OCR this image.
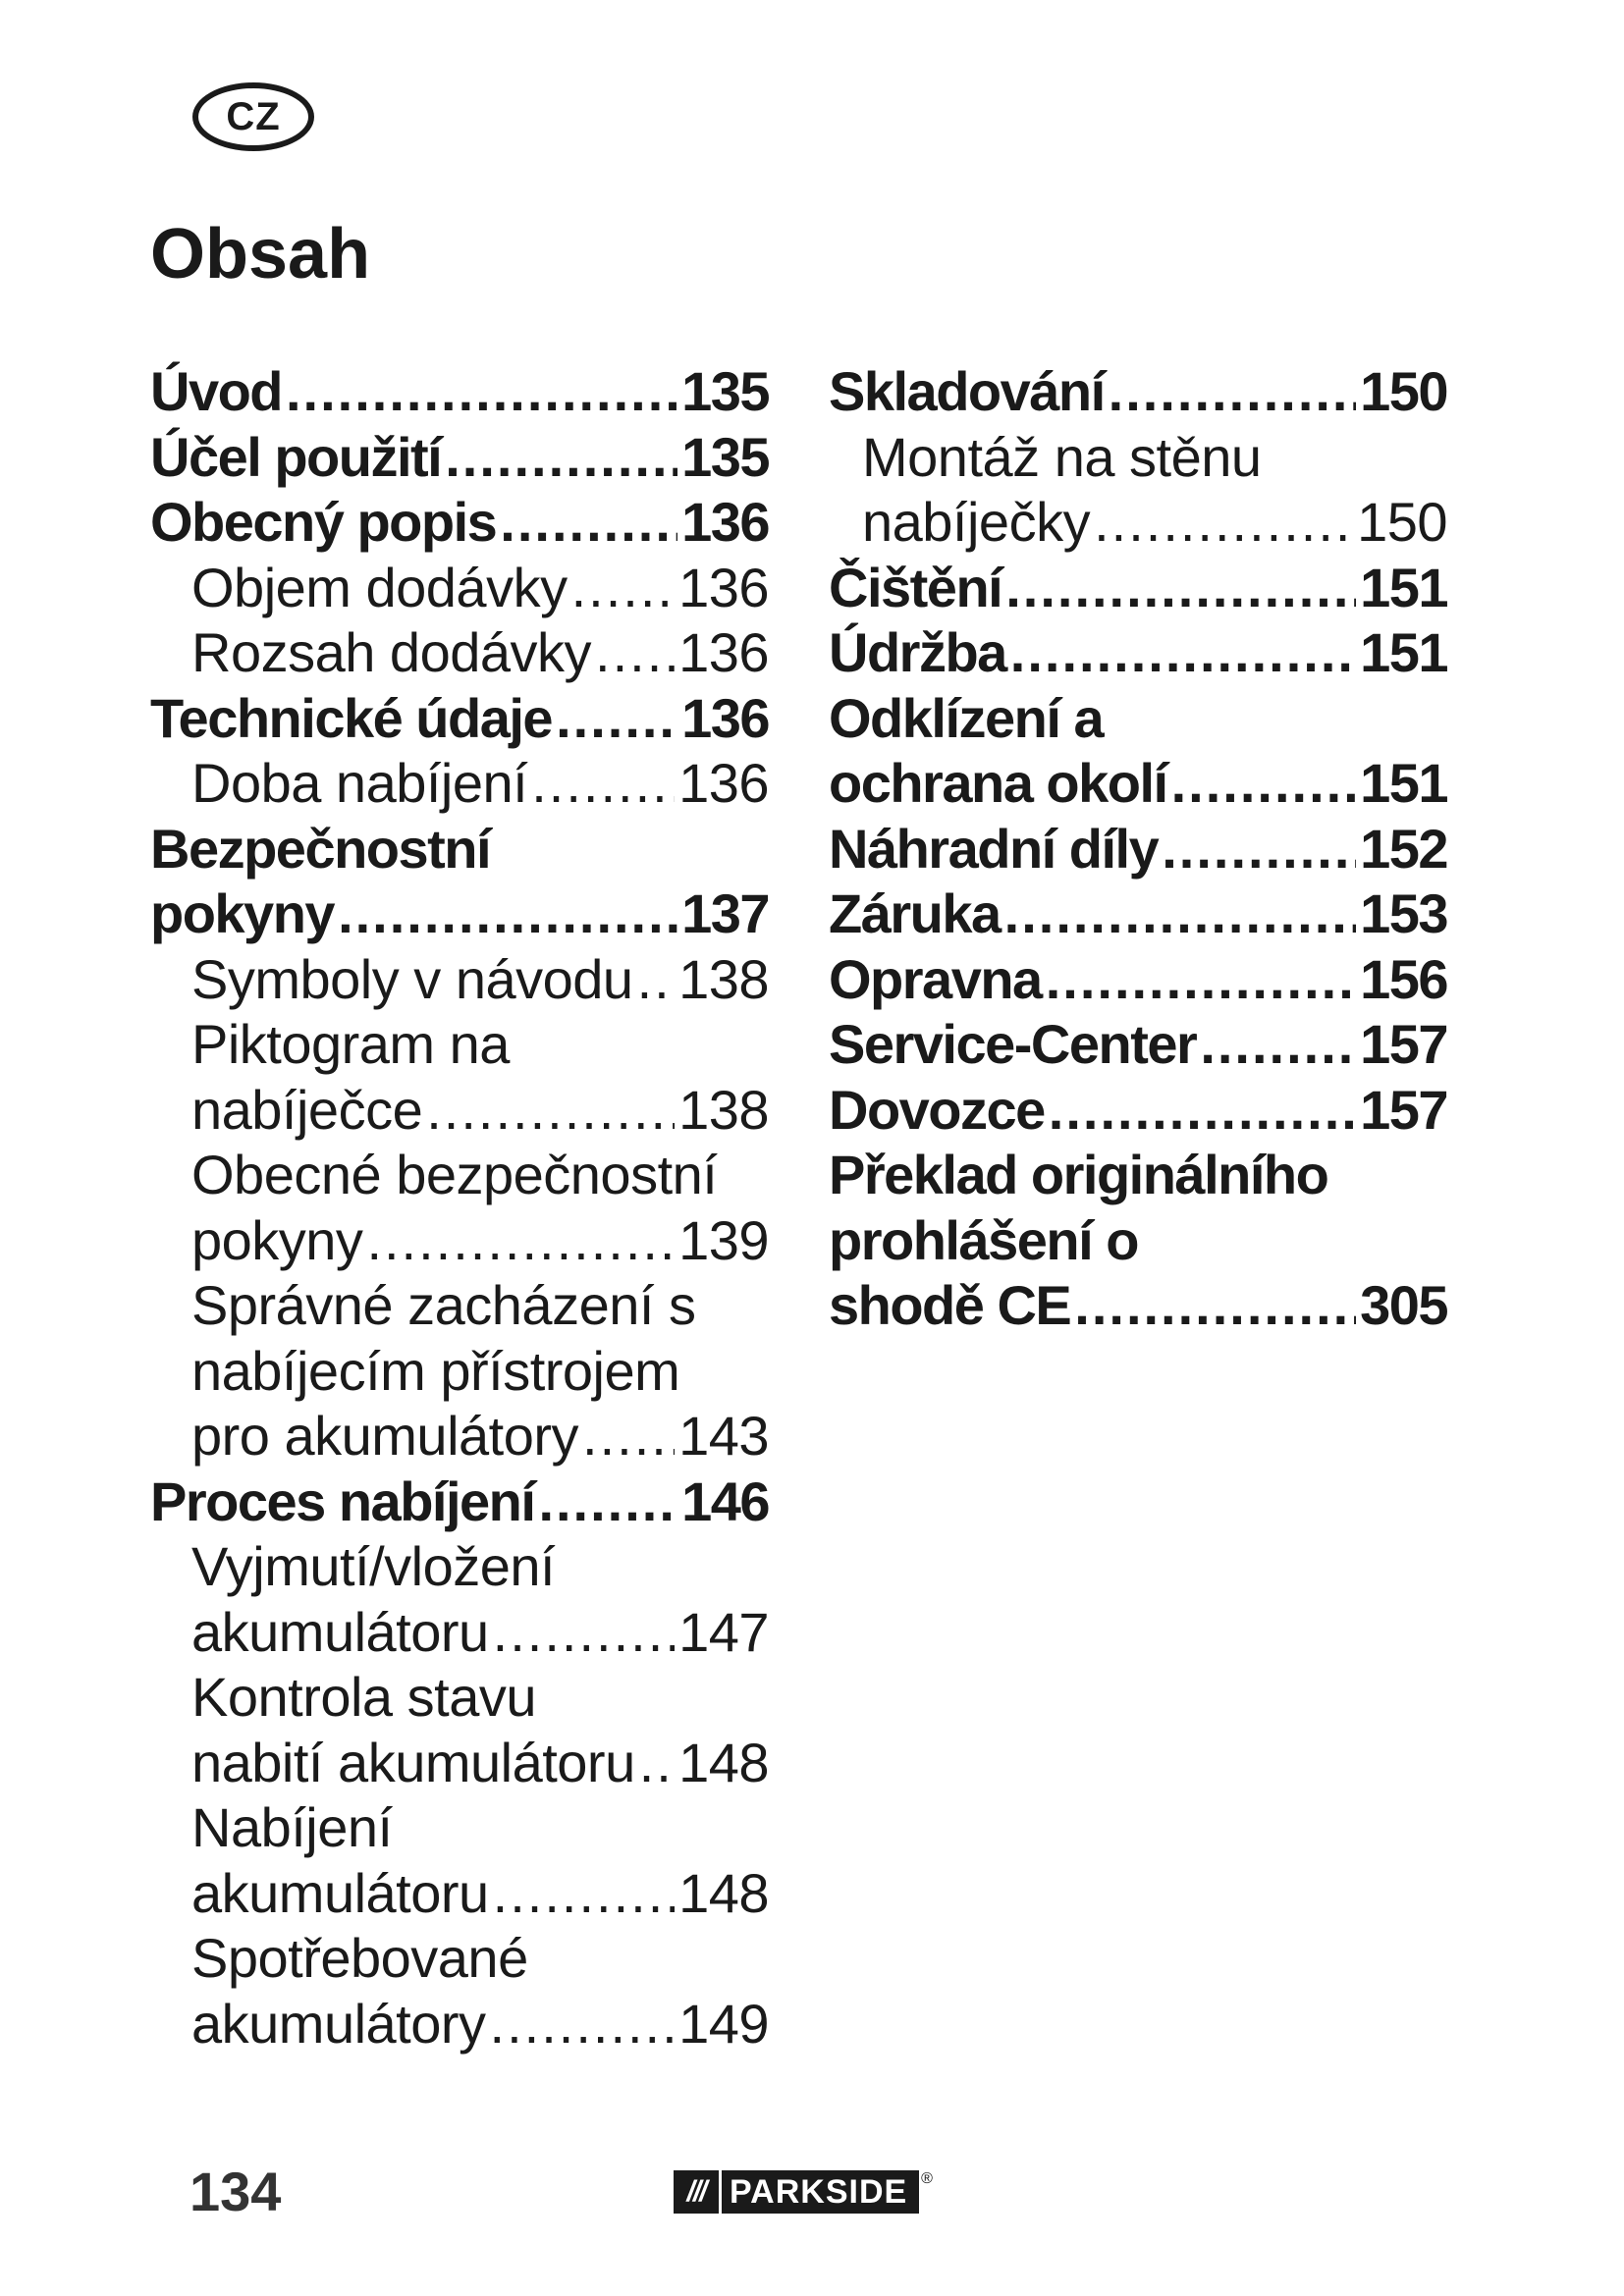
CZ
Obsah
Úvod .....	135
Účel použití .....	135
Obecný popis .....	136
Objem dodávky ..... 136
Rozsah dodávky ..... 136
Technické údaje ..... 136
Doba nabíjení .....	136
Bezpečnostní
pokyny .....	137
Symboly v návodu ..... 138
Piktogram na
nabíječce .....	138
Obecné bezpečnostní
pokyny .....	139
Správné zacházení s
nabíjecím přístrojem
pro akumulátory ..... 143
Proces nabíjení .....	146
Vyjmutí/vložení
akumulátoru .....	147
Kontrola stavu
nabití akumulátoru ..... 148
Nabíjení
akumulátoru .....	148
Spotřebované
akumulátory .....	149
Skladování .....	150
Montáž na stěnu
nabíječky .....	150
Čištění .....	151
Údržba .....	151
Odklízení a
ochrana okolí .....	151
Náhradní díly .....	152
Záruka .....	153
Opravna .....	156
Service-Center .....	157
Dovozce .....	157
Překlad originálního
prohlášení o
shodě CE .....	305
134	/// PARKSIDE ®
